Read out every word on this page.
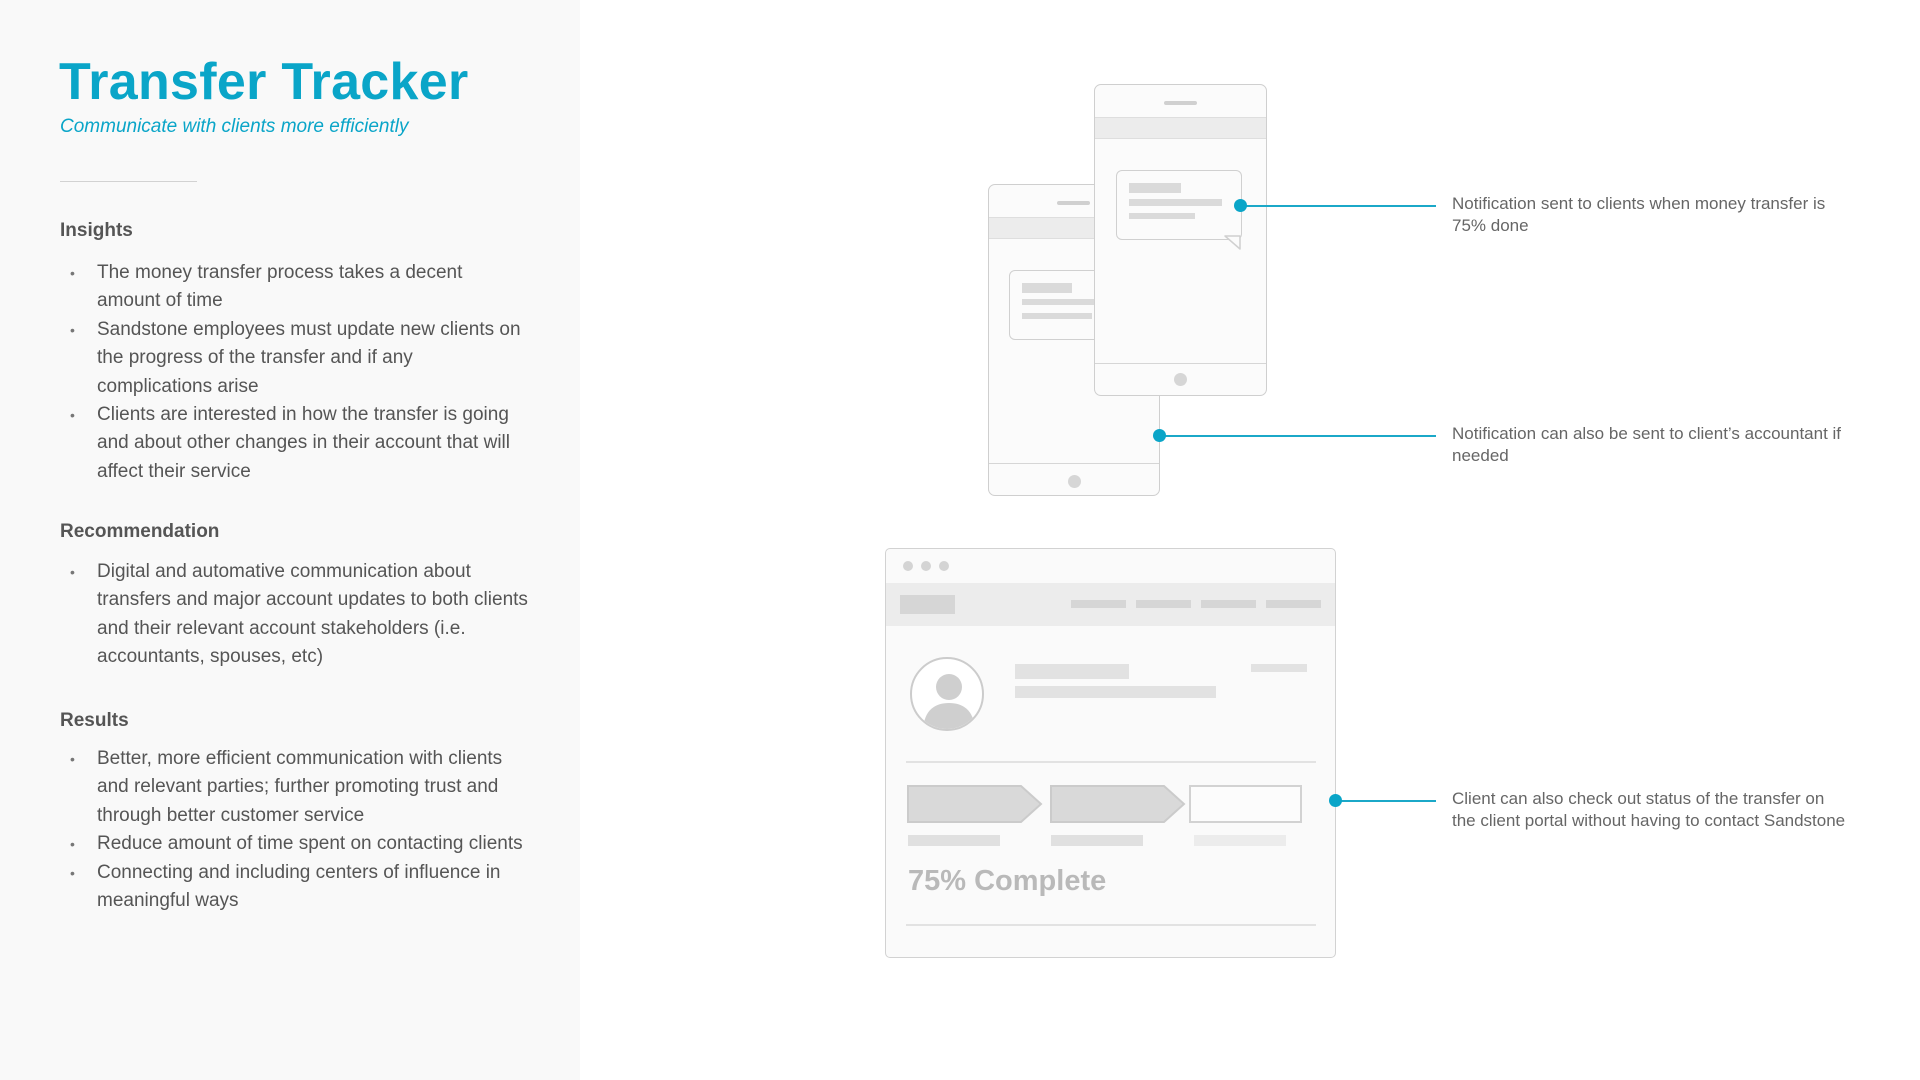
Transfer Tracker
Communicate with clients more efficiently
Insights
• The money transfer process takes a decent amount of time
• Sandstone employees must update new clients on the progress of the transfer and if any complications arise
• Clients are interested in how the transfer is going and about other changes in their account that will affect their service
Recommendation
• Digital and automative communication about transfers and major account updates to both clients and their relevant account stakeholders (i.e. accountants, spouses, etc)
Results
• Better, more efficient communication with clients and relevant parties; further promoting trust and through better customer service
• Reduce amount of time spent on contacting clients
• Connecting and including centers of influence in meaningful ways
75% Complete
Notification sent to clients when money transfer is 75% done
Notification can also be sent to client’s accountant if needed
Client can also check out status of the transfer on the client portal without having to contact Sandstone
